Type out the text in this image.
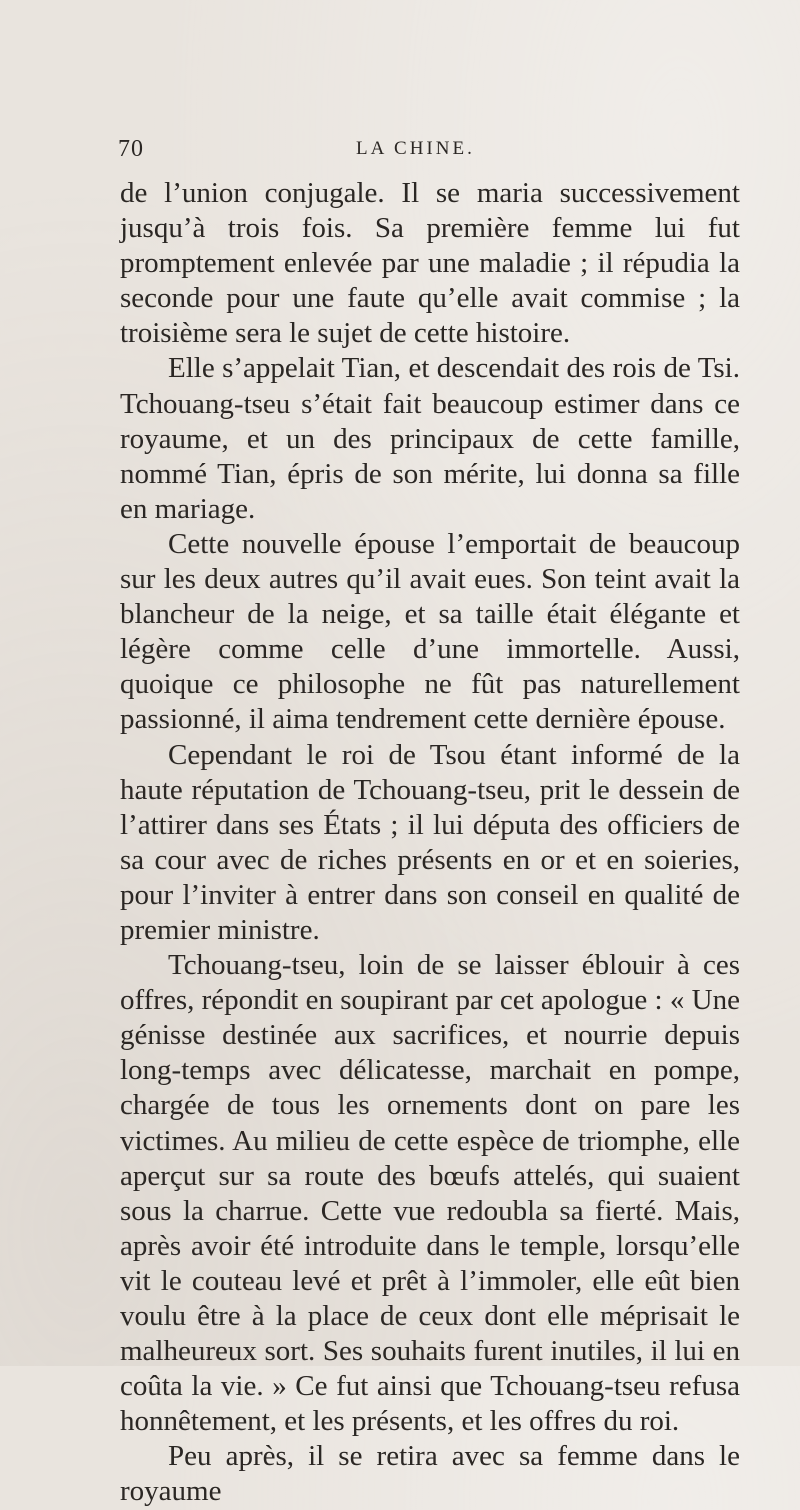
70	LA CHINE.

de l’union conjugale. Il se maria successivement jusqu’à trois fois. Sa première femme lui fut promptement enlevée par une maladie ; il répudia la seconde pour une faute qu’elle avait commise ; la troisième sera le sujet de cette histoire.

Elle s’appelait Tian, et descendait des rois de Tsi. Tchouang-tseu s’était fait beaucoup estimer dans ce royaume, et un des principaux de cette famille, nommé Tian, épris de son mérite, lui donna sa fille en mariage.

Cette nouvelle épouse l’emportait de beaucoup sur les deux autres qu’il avait eues. Son teint avait la blancheur de la neige, et sa taille était élégante et légère comme celle d’une immortelle. Aussi, quoique ce philosophe ne fût pas naturellement passionné, il aima tendrement cette dernière épouse.

Cependant le roi de Tsou étant informé de la haute réputation de Tchouang-tseu, prit le dessein de l’attirer dans ses États ; il lui députa des officiers de sa cour avec de riches présents en or et en soieries, pour l’inviter à entrer dans son conseil en qualité de premier ministre.

Tchouang-tseu, loin de se laisser éblouir à ces offres, répondit en soupirant par cet apologue : « Une génisse destinée aux sacrifices, et nourrie depuis long-temps avec délicatesse, marchait en pompe, chargée de tous les ornements dont on pare les victimes. Au milieu de cette espèce de triomphe, elle aperçut sur sa route des bœufs attelés, qui suaient sous la charrue. Cette vue redoubla sa fierté. Mais, après avoir été introduite dans le temple, lorsqu’elle vit le couteau levé et prêt à l’immoler, elle eût bien voulu être à la place de ceux dont elle méprisait le malheureux sort. Ses souhaits furent inutiles, il lui en coûta la vie. » Ce fut ainsi que Tchouang-tseu refusa honnêtement, et les présents, et les offres du roi.

Peu après, il se retira avec sa femme dans le royaume
